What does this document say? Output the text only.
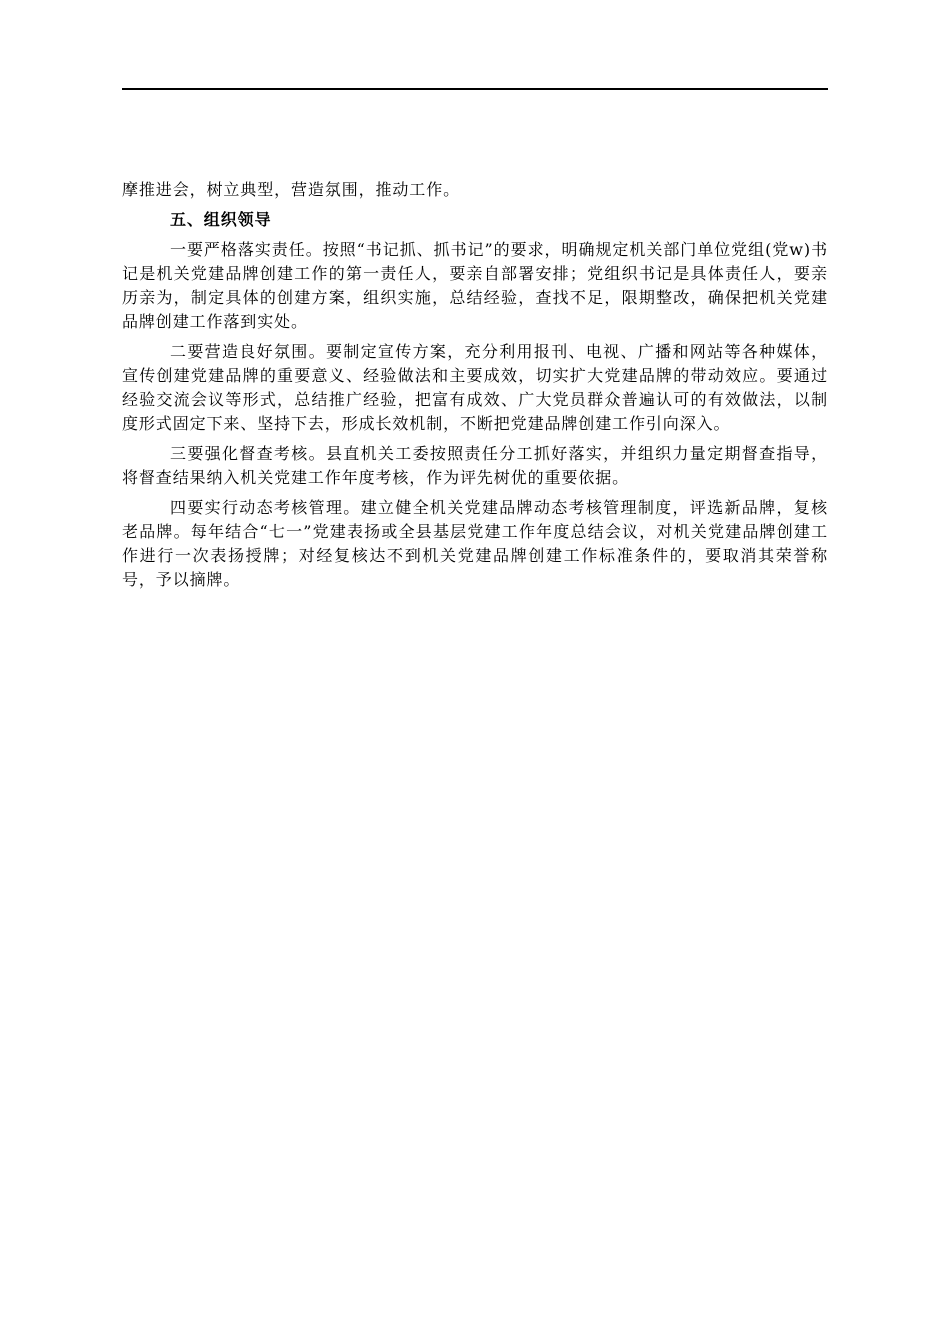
摩推进会，树立典型，营造氛围，推动工作。

五、组织领导

一要严格落实责任。按照“书记抓、抓书记”的要求，明确规定机关部门单位党组(党w)书记是机关党建品牌创建工作的第一责任人，要亲自部署安排；党组织书记是具体责任人，要亲历亲为，制定具体的创建方案，组织实施，总结经验，查找不足，限期整改，确保把机关党建品牌创建工作落到实处。

二要营造良好氛围。要制定宣传方案，充分利用报刊、电视、广播和网站等各种媒体，宣传创建党建品牌的重要意义、经验做法和主要成效，切实扩大党建品牌的带动效应。要通过经验交流会议等形式，总结推广经验，把富有成效、广大党员群众普遍认可的有效做法，以制度形式固定下来、坚持下去，形成长效机制，不断把党建品牌创建工作引向深入。

三要强化督查考核。县直机关工委按照责任分工抓好落实，并组织力量定期督查指导，将督查结果纳入机关党建工作年度考核，作为评先树优的重要依据。

四要实行动态考核管理。建立健全机关党建品牌动态考核管理制度，评选新品牌，复核老品牌。每年结合“七一”党建表扬或全县基层党建工作年度总结会议，对机关党建品牌创建工作进行一次表扬授牌；对经复核达不到机关党建品牌创建工作标准条件的，要取消其荣誉称号，予以摘牌。
